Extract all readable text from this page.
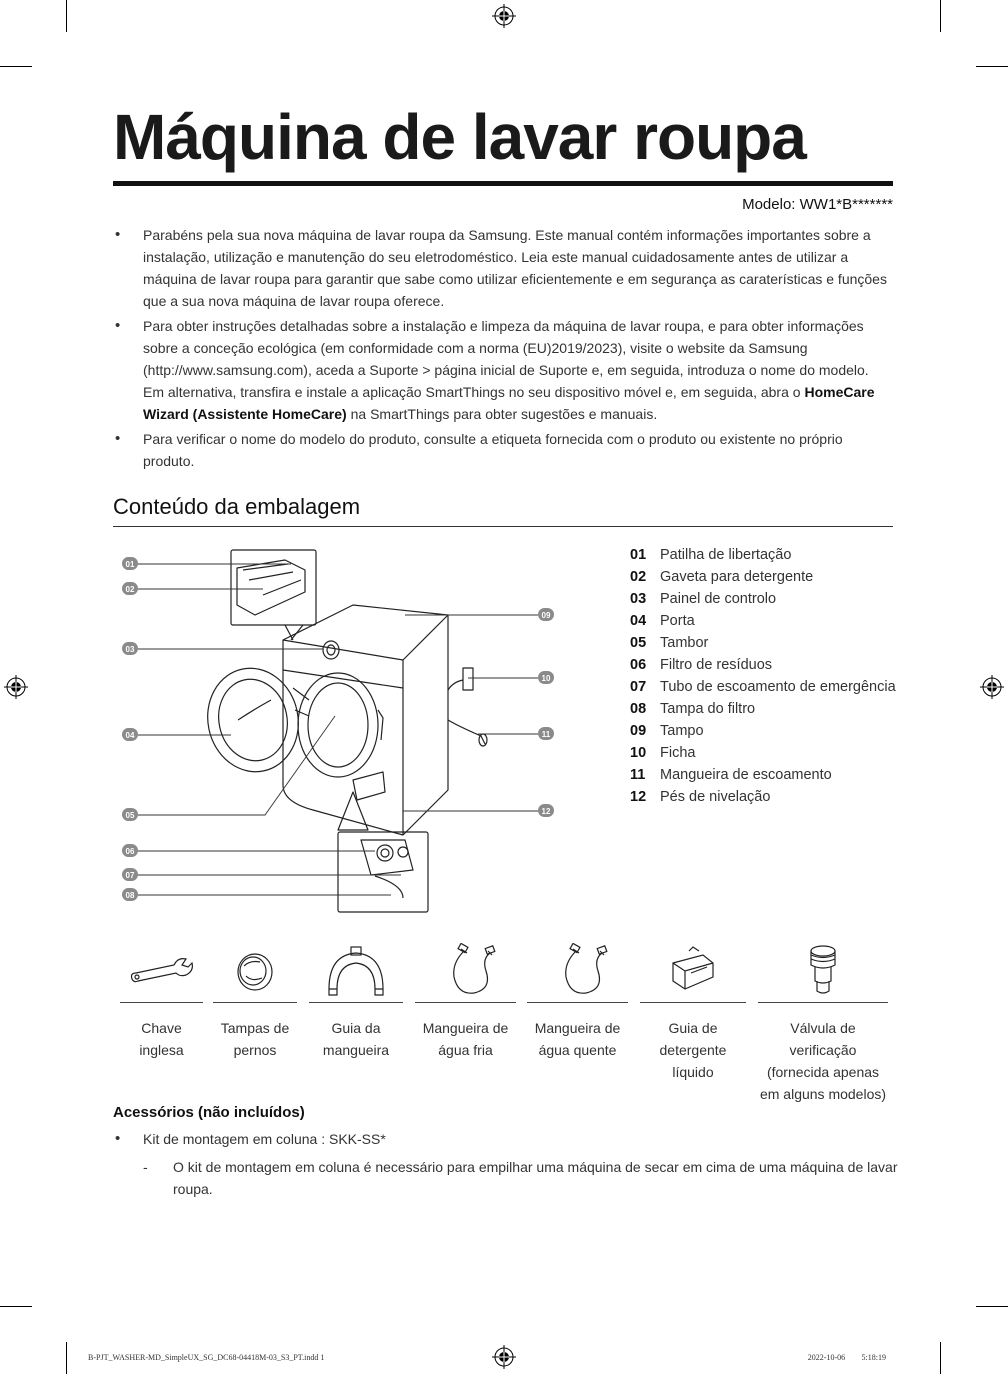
Máquina de lavar roupa
Modelo: WW1*B*******
• Parabéns pela sua nova máquina de lavar roupa da Samsung. Este manual contém informações importantes sobre a instalação, utilização e manutenção do seu eletrodoméstico. Leia este manual cuidadosamente antes de utilizar a máquina de lavar roupa para garantir que sabe como utilizar eficientemente e em segurança as caraterísticas e funções que a sua nova máquina de lavar roupa oferece.
• Para obter instruções detalhadas sobre a instalação e limpeza da máquina de lavar roupa, e para obter informações sobre a conceção ecológica (em conformidade com a norma (EU)2019/2023), visite o website da Samsung (http://www.samsung.com), aceda a Suporte > página inicial de Suporte e, em seguida, introduza o nome do modelo. Em alternativa, transfira e instale a aplicação SmartThings no seu dispositivo móvel e, em seguida, abra o HomeCare Wizard (Assistente HomeCare) na SmartThings para obter sugestões e manuais.
• Para verificar o nome do modelo do produto, consulte a etiqueta fornecida com o produto ou existente no próprio produto.
Conteúdo da embalagem
01
02
03
04
05
06
07
08
09
10
11
12
01 Patilha de libertação
02 Gaveta para detergente
03 Painel de controlo
04 Porta
05 Tambor
06 Filtro de resíduos
07 Tubo de escoamento de emergência
08 Tampa do filtro
09 Tampo
10 Ficha
11	Mangueira de escoamento
12 Pés de nivelação
Chave inglesa
Tampas de pernos
Guia da mangueira
Mangueira de água fria
Mangueira de água quente
Guia de detergente líquido
Válvula de verificação (fornecida apenas em alguns modelos)
Acessórios (não incluídos)
• Kit de montagem em coluna : SKK-SS*
- O kit de montagem em coluna é necessário para empilhar uma máquina de secar em cima de uma máquina de lavar roupa.
B-PJT_WASHER-MD_SimpleUX_SG_DC68-04418M-03_S3_PT.indd 1	2022-10-06 ￿￿ 5:18:19
